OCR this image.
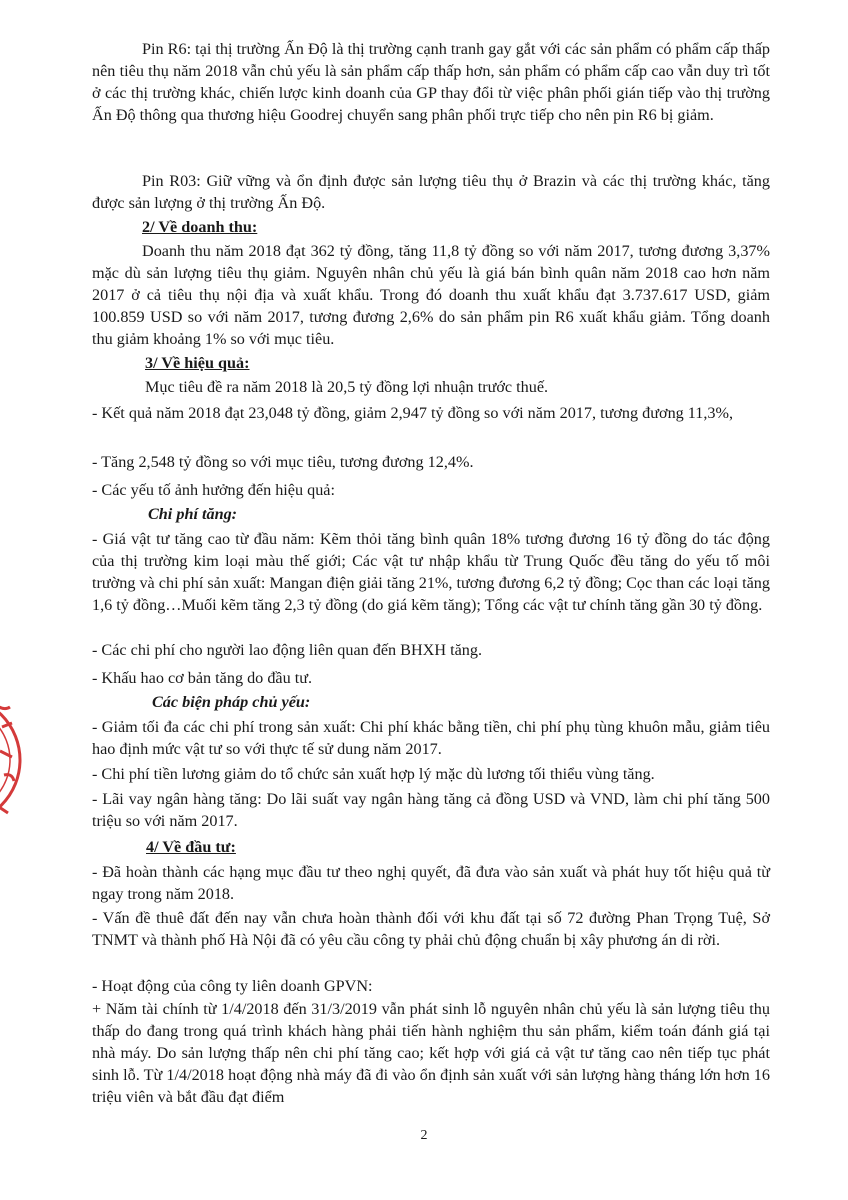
Pin R6: tại thị trường Ấn Độ là thị trường cạnh tranh gay gắt với các sản phẩm có phẩm cấp thấp nên tiêu thụ năm 2018 vẫn chủ yếu là sản phẩm cấp thấp hơn, sản phẩm có phẩm cấp cao vẫn duy trì tốt ở các thị trường khác, chiến lược kinh doanh của GP thay đổi từ việc phân phối gián tiếp vào thị trường Ấn Độ thông qua thương hiệu Goodrej chuyển sang phân phối trực tiếp cho nên pin R6 bị giảm.

Pin R03: Giữ vững và ổn định được sản lượng tiêu thụ ở Brazin và các thị trường khác, tăng được sản lượng ở thị trường Ấn Độ.

2/ Về doanh thu:

Doanh thu năm 2018 đạt 362 tỷ đồng, tăng 11,8 tỷ đồng so với năm 2017, tương đương 3,37% mặc dù sản lượng tiêu thụ giảm. Nguyên nhân chủ yếu là giá bán bình quân năm 2018 cao hơn năm 2017 ở cả tiêu thụ nội địa và xuất khẩu. Trong đó doanh thu xuất khẩu đạt 3.737.617 USD, giảm 100.859 USD so với năm 2017, tương đương 2,6% do sản phẩm pin R6 xuất khẩu giảm. Tổng doanh thu giảm khoảng 1% so với mục tiêu.

3/ Về hiệu quả:

Mục tiêu đề ra năm 2018 là 20,5 tỷ đồng lợi nhuận trước thuế.

- Kết quả năm 2018 đạt 23,048 tỷ đồng, giảm 2,947 tỷ đồng so với năm 2017, tương đương 11,3%,

- Tăng 2,548 tỷ đồng so với mục tiêu, tương đương 12,4%.

- Các yếu tố ảnh hưởng đến hiệu quả:

Chi phí tăng:

- Giá vật tư tăng cao từ đầu năm: Kẽm thỏi tăng bình quân 18% tương đương 16 tỷ đồng do tác động của thị trường kim loại màu thế giới; Các vật tư nhập khẩu từ Trung Quốc đều tăng do yếu tố môi trường và chi phí sản xuất: Mangan điện giải tăng 21%, tương đương 6,2 tỷ đồng; Cọc than các loại tăng 1,6 tỷ đồng…Muối kẽm tăng 2,3 tỷ đồng (do giá kẽm tăng); Tổng các vật tư chính tăng gần 30 tỷ đồng.

- Các chi phí cho người lao động liên quan đến BHXH tăng.

- Khấu hao cơ bản tăng do đầu tư.

Các biện pháp chủ yếu:

- Giảm tối đa các chi phí trong sản xuất: Chi phí khác bằng tiền, chi phí phụ tùng khuôn mẫu, giảm tiêu hao định mức vật tư so với thực tế sử dung năm 2017.

- Chi phí tiền lương giảm do tổ chức sản xuất hợp lý mặc dù lương tối thiểu vùng tăng.

- Lãi vay ngân hàng tăng: Do lãi suất vay ngân hàng tăng cả đồng USD và VND, làm chi phí tăng 500 triệu so với năm 2017.

4/ Về đầu tư:

- Đã hoàn thành các hạng mục đầu tư theo nghị quyết, đã đưa vào sản xuất và phát huy tốt hiệu quả từ ngay trong năm 2018.

- Vấn đề thuê đất đến nay vẫn chưa hoàn thành đối với khu đất tại số 72 đường Phan Trọng Tuệ, Sở TNMT và thành phố Hà Nội đã có yêu cầu công ty phải chủ động chuẩn bị xây phương án di rời.

- Hoạt động của công ty liên doanh GPVN:

+ Năm tài chính từ 1/4/2018 đến 31/3/2019 vẫn phát sinh lỗ nguyên nhân chủ yếu là sản lượng tiêu thụ thấp do đang trong quá trình khách hàng phải tiến hành nghiệm thu sản phẩm, kiểm toán đánh giá tại nhà máy. Do sản lượng thấp nên chi phí tăng cao; kết hợp với giá cả vật tư tăng cao nên tiếp tục phát sinh lỗ. Từ 1/4/2018 hoạt động nhà máy đã đi vào ổn định sản xuất với sản lượng hàng tháng lớn hơn 16 triệu viên và bắt đầu đạt điểm

2
